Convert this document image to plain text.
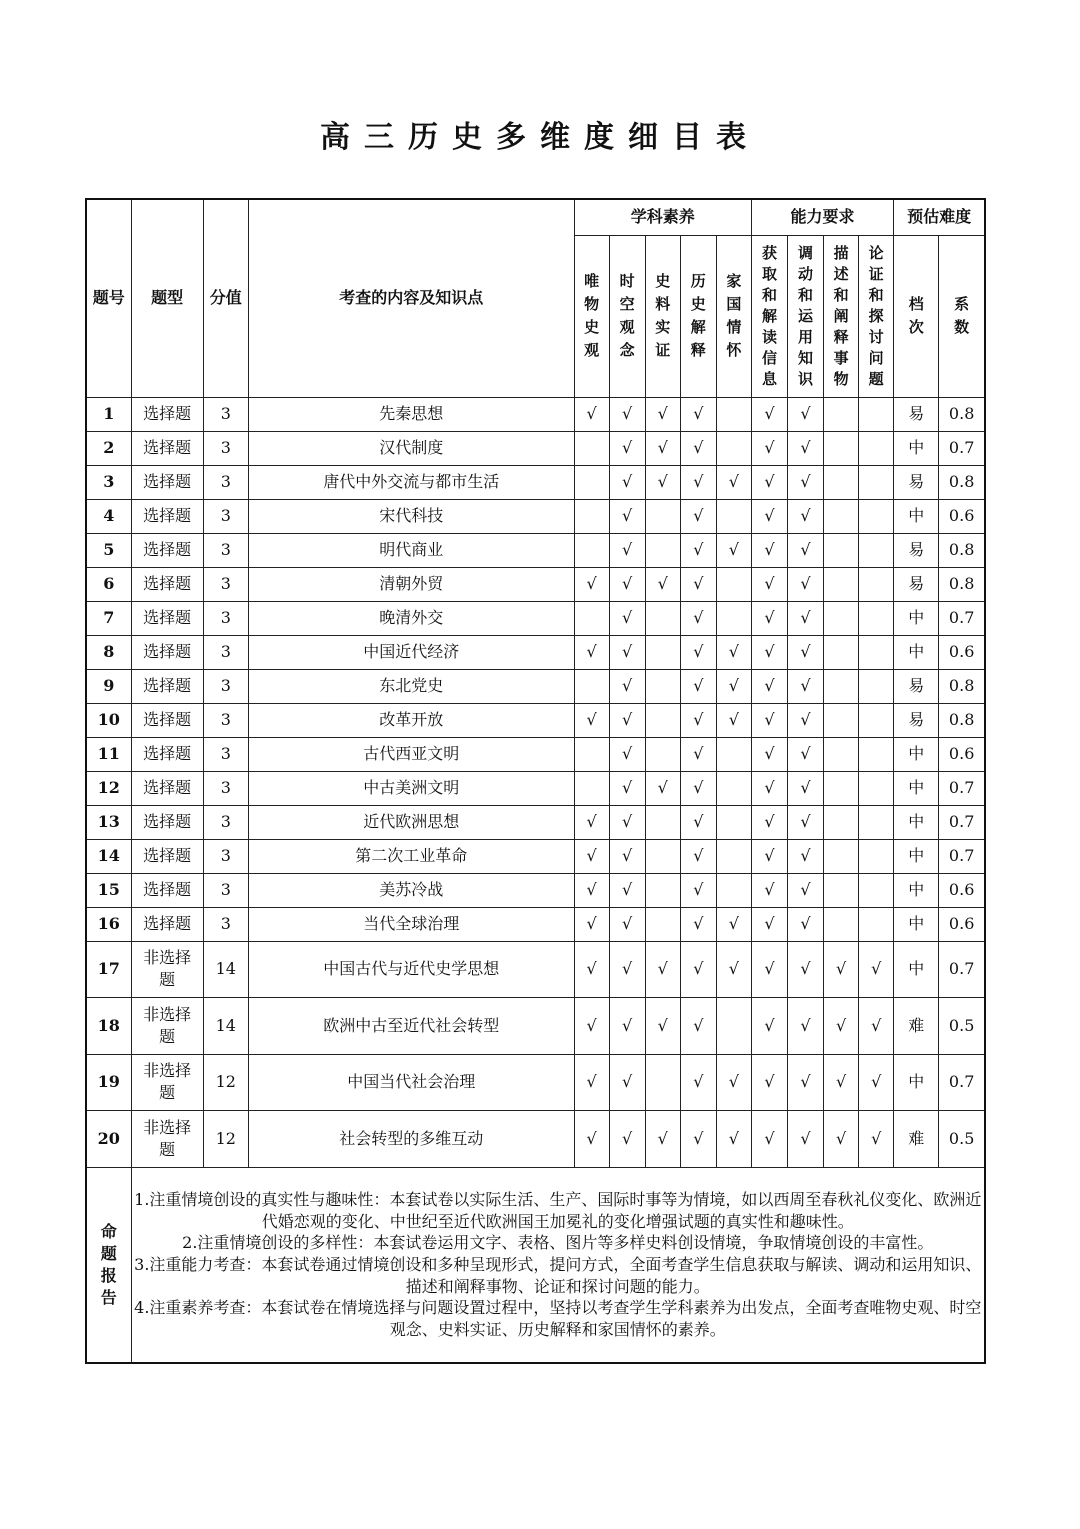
高三历史多维度细目表
题号	题型	分值	考查的内容及知识点	学科素养					能力要求				预估难度	

				唯物史观	时空观念	史料实证	历史解释	家国情怀	获取和解读信息	调动和运用知识	描述和阐释事物	论证和探讨问题	档次	系数

1	选择题	3	先秦思想	√	√	√	√		√	√			易	0.8
2	选择题	3	汉代制度		√	√	√		√	√			中	0.7
3	选择题	3	唐代中外交流与都市生活		√	√	√	√	√	√			易	0.8
4	选择题	3	宋代科技		√		√		√	√			中	0.6
5	选择题	3	明代商业		√		√	√	√	√			易	0.8
6	选择题	3	清朝外贸	√	√	√	√		√	√			易	0.8
7	选择题	3	晚清外交		√		√		√	√			中	0.7
8	选择题	3	中国近代经济	√	√		√	√	√	√			中	0.6
9	选择题	3	东北党史		√		√	√	√	√			易	0.8
10	选择题	3	改革开放	√	√		√	√	√	√			易	0.8
11	选择题	3	古代西亚文明		√		√		√	√			中	0.6
12	选择题	3	中古美洲文明		√	√	√		√	√			中	0.7
13	选择题	3	近代欧洲思想	√	√		√		√	√			中	0.7
14	选择题	3	第二次工业革命	√	√		√		√	√			中	0.7
15	选择题	3	美苏冷战	√	√		√		√	√			中	0.6
16	选择题	3	当代全球治理	√	√		√	√	√	√			中	0.6
17	非选择题	14	中国古代与近代史学思想	√	√	√	√	√	√	√	√	√	中	0.7
18	非选择题	14	欧洲中古至近代社会转型	√	√	√	√		√	√	√	√	难	0.5
19	非选择题	12	中国当代社会治理	√	√		√	√	√	√	√	√	中	0.7
20	非选择题	12	社会转型的多维互动	√	√	√	√	√	√	√	√	√	难	0.5

命题报告	1.注重情境创设的真实性与趣味性：本套试卷以实际生活、生产、国际时事等为情境，如以西周至春秋礼仪变化、欧洲近代婚恋观的变化、中世纪至近代欧洲国王加冕礼的变化增强试题的真实性和趣味性。

2.注重情境创设的多样性：本套试卷运用文字、表格、图片等多样史料创设情境，争取情境创设的丰富性。

3.注重能力考查：本套试卷通过情境创设和多种呈现形式，提问方式，全面考查学生信息获取与解读、调动和运用知识、描述和阐释事物、论证和探讨问题的能力。

4.注重素养考查：本套试卷在情境选择与问题设置过程中，坚持以考查学生学科素养为出发点，全面考查唯物史观、时空观念、史料实证、历史解释和家国情怀的素养。													
